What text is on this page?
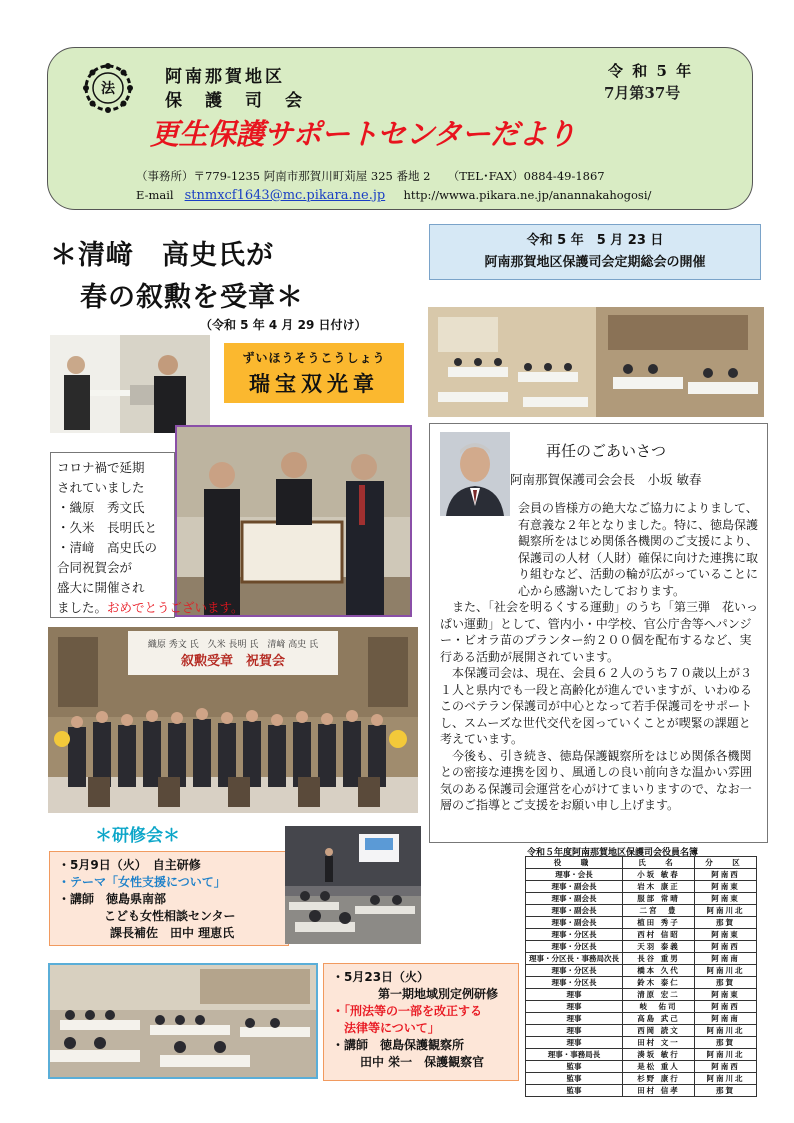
法
阿南那賀地区
保　護　司　会
令 和 5 年
7月第37号
更生保護サポートセンターだより
（事務所）〒779-1235 阿南市那賀川町苅屋 325 番地 2　　（TEL･FAX）0884-49-1867
E-mail stnmxcf1643@mc.pikara.ne.jp http://wwwa.pikara.ne.jp/anannakahogosi/
＊清﨑　高史氏が
春の叙勲を受章＊
（令和 5 年 4 月 29 日付け）
令和 5 年　5 月 23 日
阿南那賀地区保護司会定期総会の開催
ずいほうそうこうしょう
瑞宝双光章
コロナ禍で延期
されていました
・織原　秀文氏
・久米　長明氏と
・清﨑　高史氏の
合同祝賀会が
盛大に開催され
ました。おめでとうございます。
再任のごあいさつ
阿南那賀保護司会会長　小坂 敏春

会員の皆様方の絶大なご協力によりまして、有意義な２年となりました。特に、徳島保護観察所をはじめ関係各機関のご支援により、保護司の人材（人財）確保に向けた連携に取り組むなど、活動の輪が広がっていることに心から感謝いたしております。

また、「社会を明るくする運動」のうち「第三弾　花いっぱい運動」として、管内小・中学校、官公庁舎等へパンジー・ビオラ苗のプランター約２００個を配布するなど、実行ある活動が展開されています。

本保護司会は、現在、会員６２人のうち７０歳以上が３１人と県内でも一段と高齢化が進んでいますが、いわゆるこのベテラン保護司が中心となって若手保護司をサポートし、スムーズな世代交代を図っていくことが喫緊の課題と考えています。

今後も、引き続き、徳島保護観察所をはじめ関係各機関との密接な連携を図り、風通しの良い前向きな温かい雰囲気のある保護司会運営を心がけてまいりますので、なお一層のご指導とご支援をお願い申し上げます。

織原 秀文 氏　久米 長明 氏　清﨑 高史 氏
叙勲受章　祝賀会
＊研修会＊
・5月9日（火）　自主研修
・テーマ「女性支援について」
・講師　徳島県南部
こども女性相談センター
課長補佐　田中 理恵氏
・5月23日（火）
第一期地域別定例研修
・「刑法等の一部を改正する
法律等について」
・講師　徳島保護観察所
田中 栄一　保護観察官
令和５年度阿南那賀地区保護司会役員名簿
役　職	氏　名	分　区
理事・会長	小坂 敏春	阿南西
理事・副会長	岩木 康正	阿南東
理事・副会長	服部 常晴	阿南東
理事・副会長	二宮　豊	阿南川北
理事・副会長	植田 秀子	那賀
理事・分区長	西村 信昭	阿南東
理事・分区長	天羽 泰義	阿南西
理事・分区長・事務局次長	長谷 重男	阿南南
理事・分区長	橋本 久代	阿南川北
理事・分区長	鈴木 泰仁	那賀
理事	清原 宏二	阿南東
理事	岐　佑司	阿南西
理事	高島 武己	阿南南
理事	西岡 読文	阿南川北
理事	田村 文一	那賀
理事・事務局長	湊坂 敏行	阿南川北
監事	是松 重人	阿南西
監事	杉野 康行	阿南川北
監事	田村 信孝	那賀
